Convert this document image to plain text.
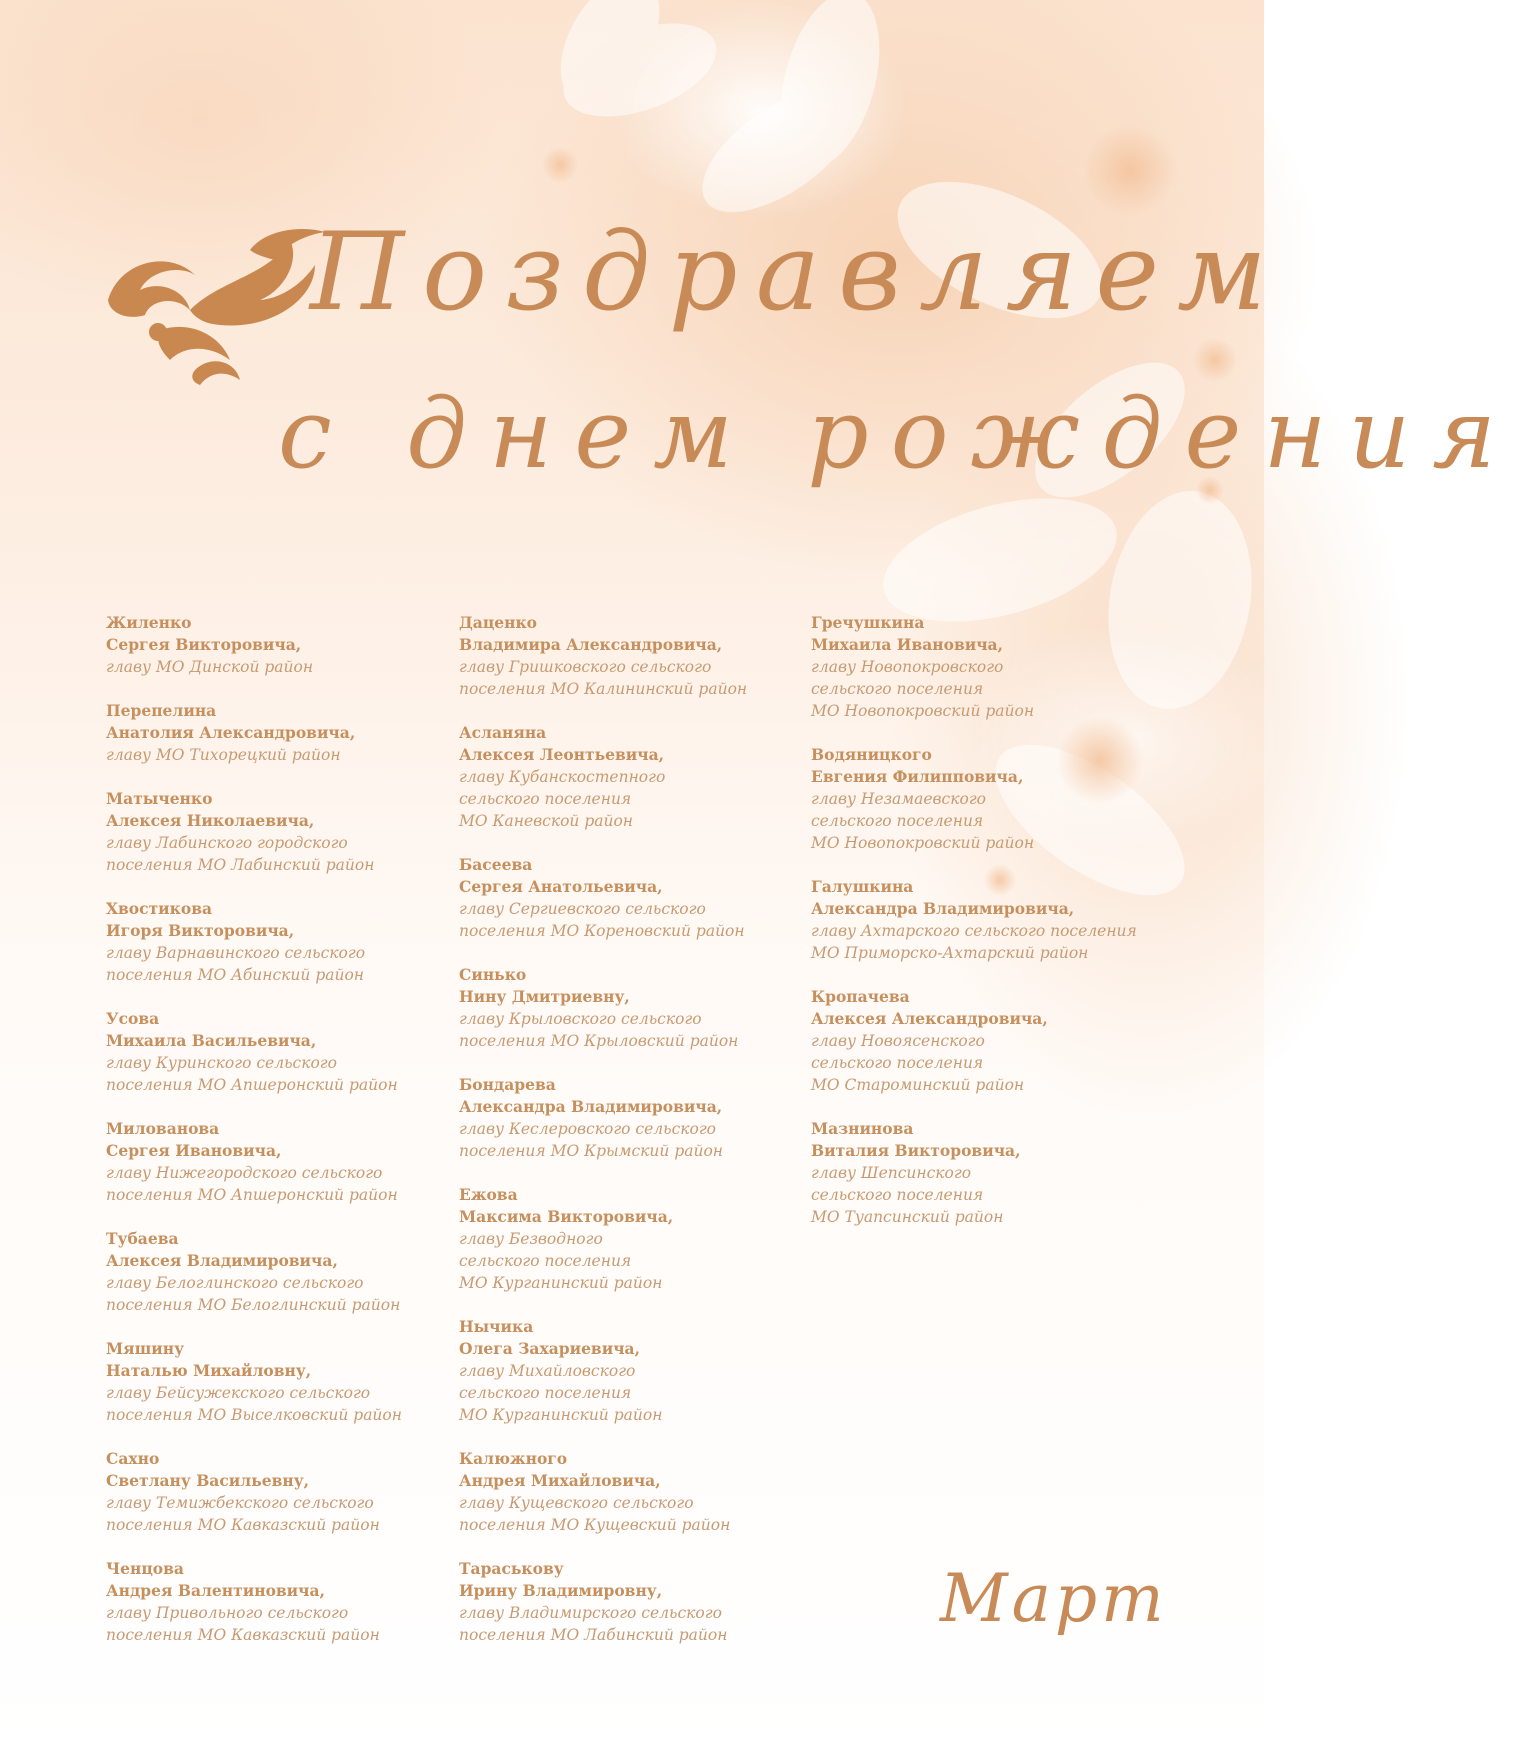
Поздравляем
с днем рождения
Жиленко
Сергея Викторовича,
главу МО Динской район
Перепелина
Анатолия Александровича,
главу МО Тихорецкий район
Матыченко
Алексея Николаевича,
главу Лабинского городского
поселения МО Лабинский район
Хвостикова
Игоря Викторовича,
главу Варнавинского сельского
поселения МО Абинский район
Усова
Михаила Васильевича,
главу Куринского сельского
поселения МО Апшеронский район
Милованова
Сергея Ивановича,
главу Нижегородского сельского
поселения МО Апшеронский район
Тубаева
Алексея Владимировича,
главу Белоглинского сельского
поселения МО Белоглинский район
Мяшину
Наталью Михайловну,
главу Бейсужекского сельского
поселения МО Выселковский район
Сахно
Светлану Васильевну,
главу Темижбекского сельского
поселения МО Кавказский район
Ченцова
Андрея Валентиновича,
главу Привольного сельского
поселения МО Кавказский район
Даценко
Владимира Александровича,
главу Гришковского сельского
поселения МО Калининский район
Асланяна
Алексея Леонтьевича,
главу Кубанскостепного
сельского поселения
МО Каневской район
Басеева
Сергея Анатольевича,
главу Сергиевского сельского
поселения МО Кореновский район
Синько
Нину Дмитриевну,
главу Крыловского сельского
поселения МО Крыловский район
Бондарева
Александра Владимировича,
главу Кеслеровского сельского
поселения МО Крымский район
Ежова
Максима Викторовича,
главу Безводного
сельского поселения
МО Курганинский район
Нычика
Олега Захариевича,
главу Михайловского
сельского поселения
МО Курганинский район
Калюжного
Андрея Михайловича,
главу Кущевского сельского
поселения МО Кущевский район
Тараськову
Ирину Владимировну,
главу Владимирского сельского
поселения МО Лабинский район
Гречушкина
Михаила Ивановича,
главу Новопокровского
сельского поселения
МО Новопокровский район
Водяницкого
Евгения Филипповича,
главу Незамаевского
сельского поселения
МО Новопокровский район
Галушкина
Александра Владимировича,
главу Ахтарского сельского поселения
МО Приморско-Ахтарский район
Кропачева
Алексея Александровича,
главу Новоясенского
сельского поселения
МО Староминский район
Мазнинова
Виталия Викторовича,
главу Шепсинского
сельского поселения
МО Туапсинский район

Март
